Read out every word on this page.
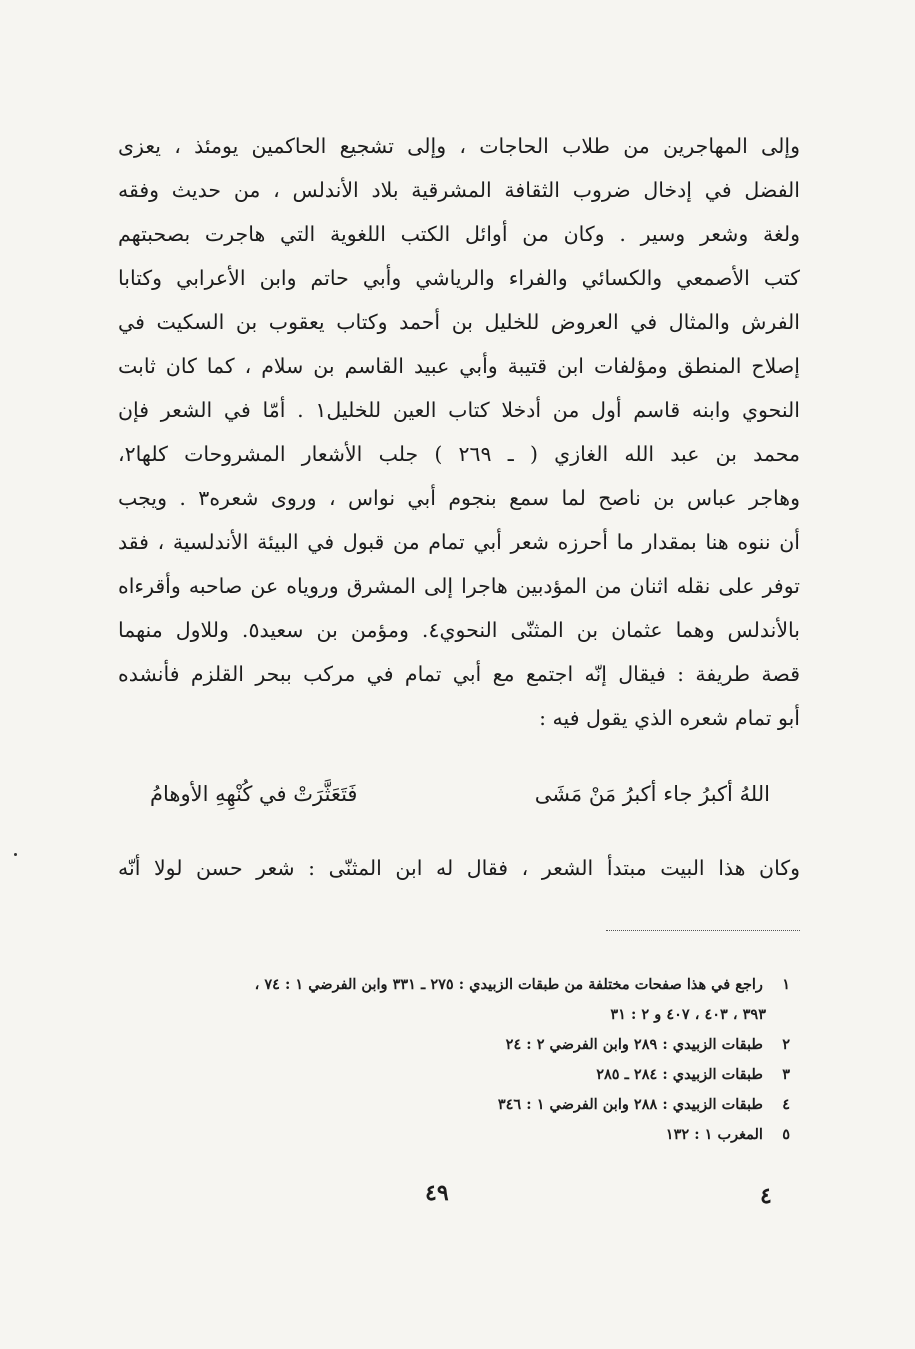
وإلى المهاجرين من طلاب الحاجات ، وإلى تشجيع الحاكمين يومئذ ، يعزى
الفضل في إدخال ضروب الثقافة المشرقية بلاد الأندلس ، من حديث وفقه
ولغة وشعر وسير . وكان من أوائل الكتب اللغوية التي هاجرت بصحبتهم
كتب الأصمعي والكسائي والفراء والرياشي وأبي حاتم وابن الأعرابي وكتابا
الفرش والمثال في العروض للخليل بن أحمد وكتاب يعقوب بن السكيت في
إصلاح المنطق ومؤلفات ابن قتيبة وأبي عبيد القاسم بن سلام ، كما كان ثابت
النحوي وابنه قاسم أول من أدخلا كتاب العين للخليل١ . أمّا في الشعر فإن
محمد بن عبد الله الغازي ( ـ ٢٦٩ ) جلب الأشعار المشروحات كلها٢،
وهاجر عباس بن ناصح لما سمع بنجوم أبي نواس ، وروى شعره٣ . ويجب
أن ننوه هنا بمقدار ما أحرزه شعر أبي تمام من قبول في البيئة الأندلسية ، فقد
توفر على نقله اثنان من المؤدبين هاجرا إلى المشرق وروياه عن صاحبه وأقرءاه
بالأندلس وهما عثمان بن المثنّى النحوي٤. ومؤمن بن سعيد٥. وللاول منهما
قصة طريفة : فيقال إنّه اجتمع مع أبي تمام في مركب ببحر القلزم فأنشده
أبو تمام شعره الذي يقول فيه :
اللهُ أكبرُ جاء أكبرُ مَنْ مَشَى
فَتَعَثَّرَتْ في كُنْهِهِ الأوهامُ
وكان هذا البيت مبتدأ الشعر ، فقال له ابن المثنّى : شعر حسن لولا أنّه
١ راجع في هذا صفحات مختلفة من طبقات الزبيدي : ٢٧٥ ـ ٣٣١ وابن الفرضي ١ : ٧٤ ،
٣٩٣ ، ٤٠٣ ، ٤٠٧ و ٢ : ٣١
٢ طبقات الزبيدي : ٢٨٩ وابن الفرضي ٢ : ٢٤
٣ طبقات الزبيدي : ٢٨٤ ـ ٢٨٥
٤ طبقات الزبيدي : ٢٨٨ وابن الفرضي ١ : ٣٤٦
٥ المغرب ١ : ١٣٢
٤٩	٤
